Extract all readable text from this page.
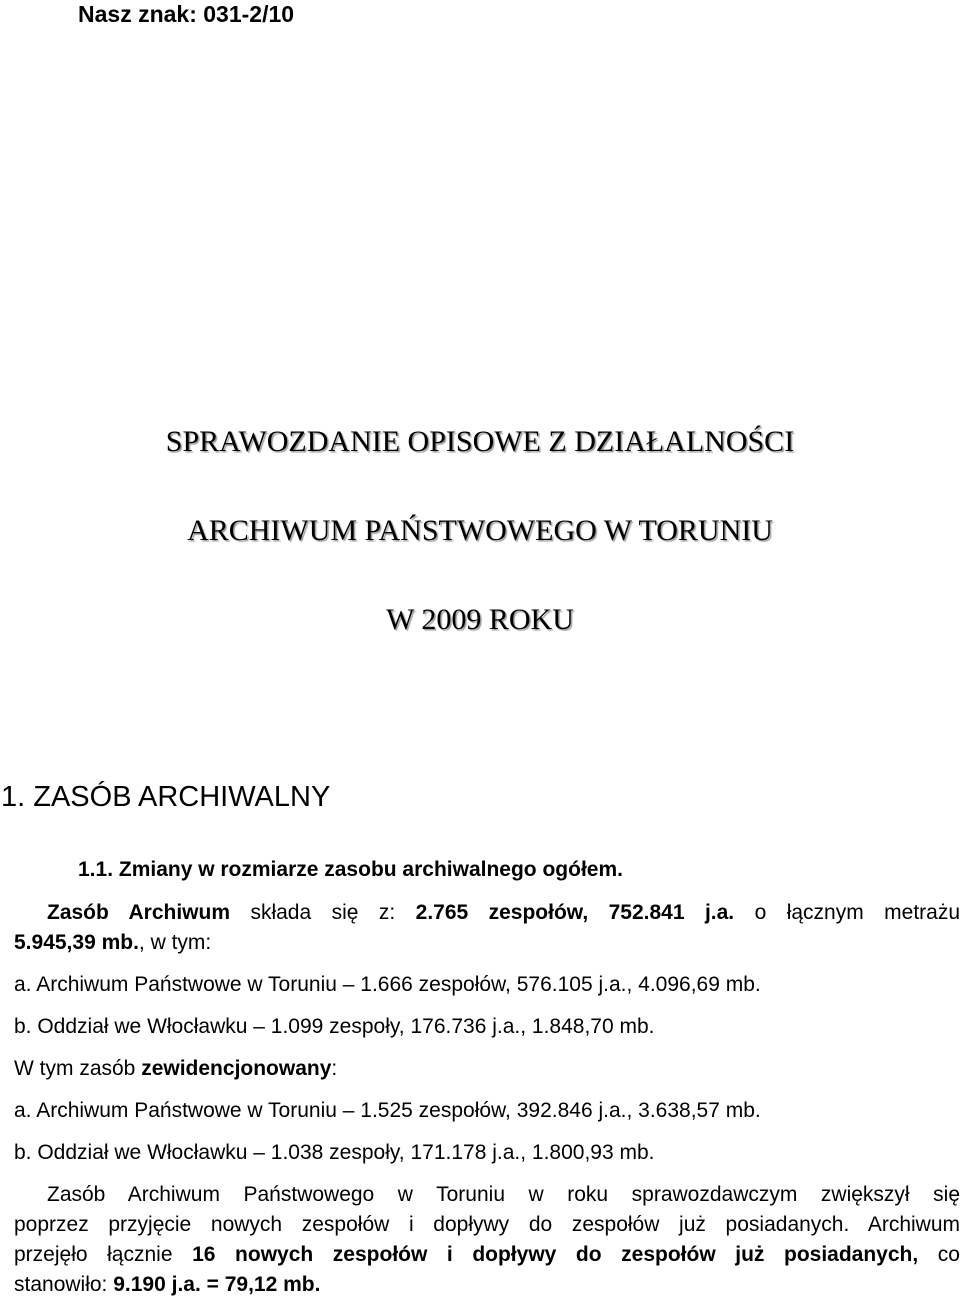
Nasz znak: 031-2/10
SPRAWOZDANIE OPISOWE Z DZIAŁALNOŚCI
ARCHIWUM PAŃSTWOWEGO W TORUNIU
W 2009 ROKU
1. ZASÓB ARCHIWALNY
1.1. Zmiany w rozmiarze zasobu archiwalnego ogółem.
Zasób Archiwum składa się z: 2.765 zespołów, 752.841 j.a. o łącznym metrażu
5.945,39 mb., w tym:
a. Archiwum Państwowe w Toruniu – 1.666 zespołów, 576.105 j.a., 4.096,69 mb.
b. Oddział we Włocławku – 1.099 zespoły, 176.736 j.a., 1.848,70 mb.
W tym zasób zewidencjonowany:
a. Archiwum Państwowe w Toruniu – 1.525 zespołów, 392.846 j.a., 3.638,57 mb.
b. Oddział we Włocławku – 1.038 zespoły, 171.178 j.a., 1.800,93 mb.
Zasób Archiwum Państwowego w Toruniu w roku sprawozdawczym zwiększył się
poprzez przyjęcie nowych zespołów i dopływy do zespołów już posiadanych. Archiwum
przejęło łącznie 16 nowych zespołów i dopływy do zespołów już posiadanych, co
stanowiło: 9.190 j.a. = 79,12 mb.
